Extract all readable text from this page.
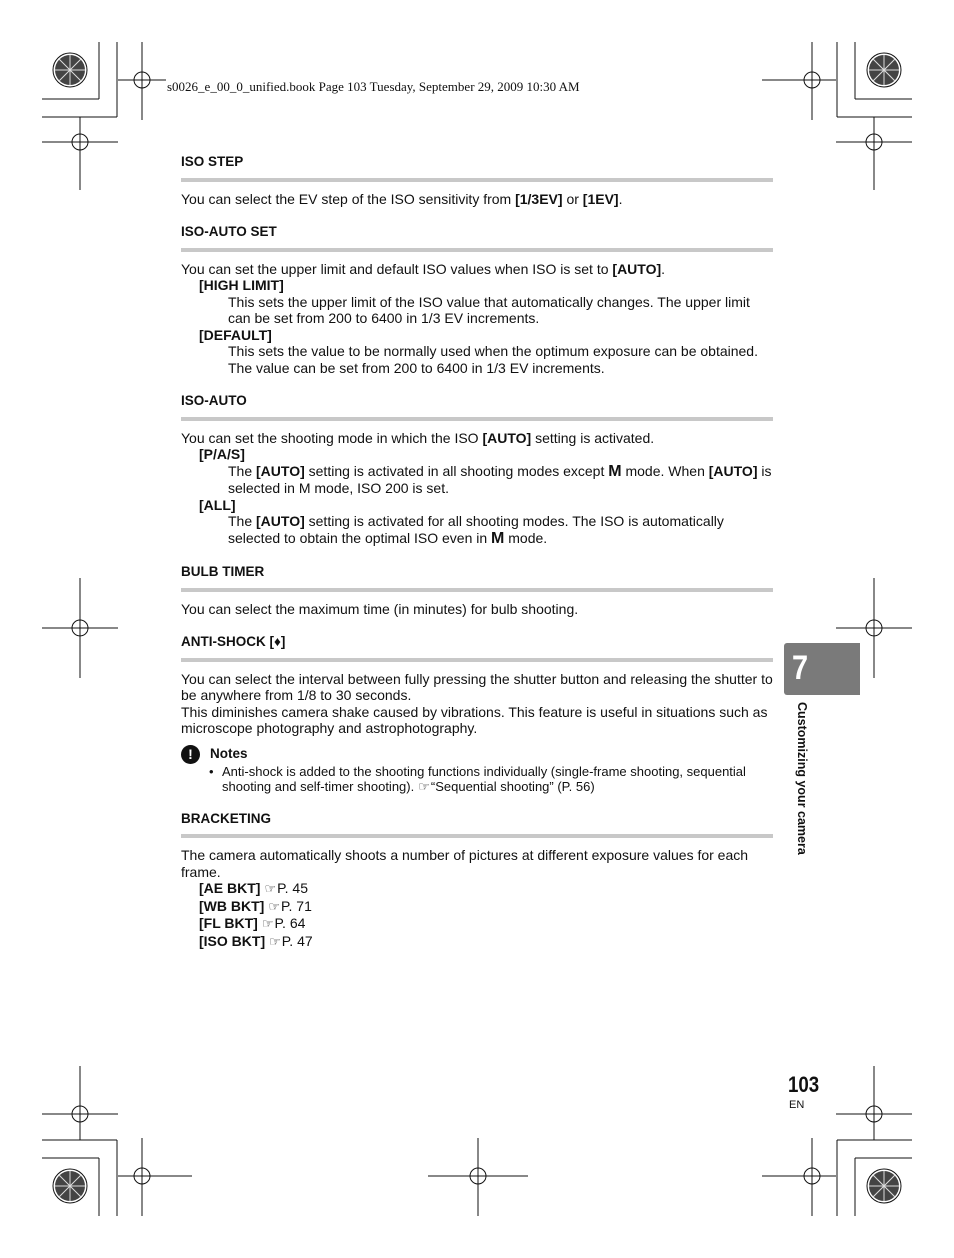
s0026_e_00_0_unified.book Page 103 Tuesday, September 29, 2009 10:30 AM

ISO STEP

You can select the EV step of the ISO sensitivity from [1/3EV] or [1EV].

ISO-AUTO SET

You can set the upper limit and default ISO values when ISO is set to [AUTO].

[HIGH LIMIT]

This sets the upper limit of the ISO value that automatically changes. The upper limit can be set from 200 to 6400 in 1/3 EV increments.

[DEFAULT]

This sets the value to be normally used when the optimum exposure can be obtained. The value can be set from 200 to 6400 in 1/3 EV increments.

ISO-AUTO

You can set the shooting mode in which the ISO [AUTO] setting is activated.

[P/A/S]

The [AUTO] setting is activated in all shooting modes except M mode. When [AUTO] is selected in M mode, ISO 200 is set.

[ALL]

The [AUTO] setting is activated for all shooting modes. The ISO is automatically selected to obtain the optimal ISO even in M mode.

BULB TIMER

You can select the maximum time (in minutes) for bulb shooting.

ANTI-SHOCK [♦]

You can select the interval between fully pressing the shutter button and releasing the shutter to be anywhere from 1/8 to 30 seconds.

This diminishes camera shake caused by vibrations. This feature is useful in situations such as microscope photography and astrophotography.

!	Notes
• Anti-shock is added to the shooting functions individually (single-frame shooting, sequential shooting and self-timer shooting). ☞“Sequential shooting” (P. 56)

BRACKETING

The camera automatically shoots a number of pictures at different exposure values for each frame.

[AE BKT] ☞P. 45

[WB BKT] ☞P. 71

[FL BKT] ☞P. 64

[ISO BKT] ☞P. 47

7
Customizing your camera
103
EN
